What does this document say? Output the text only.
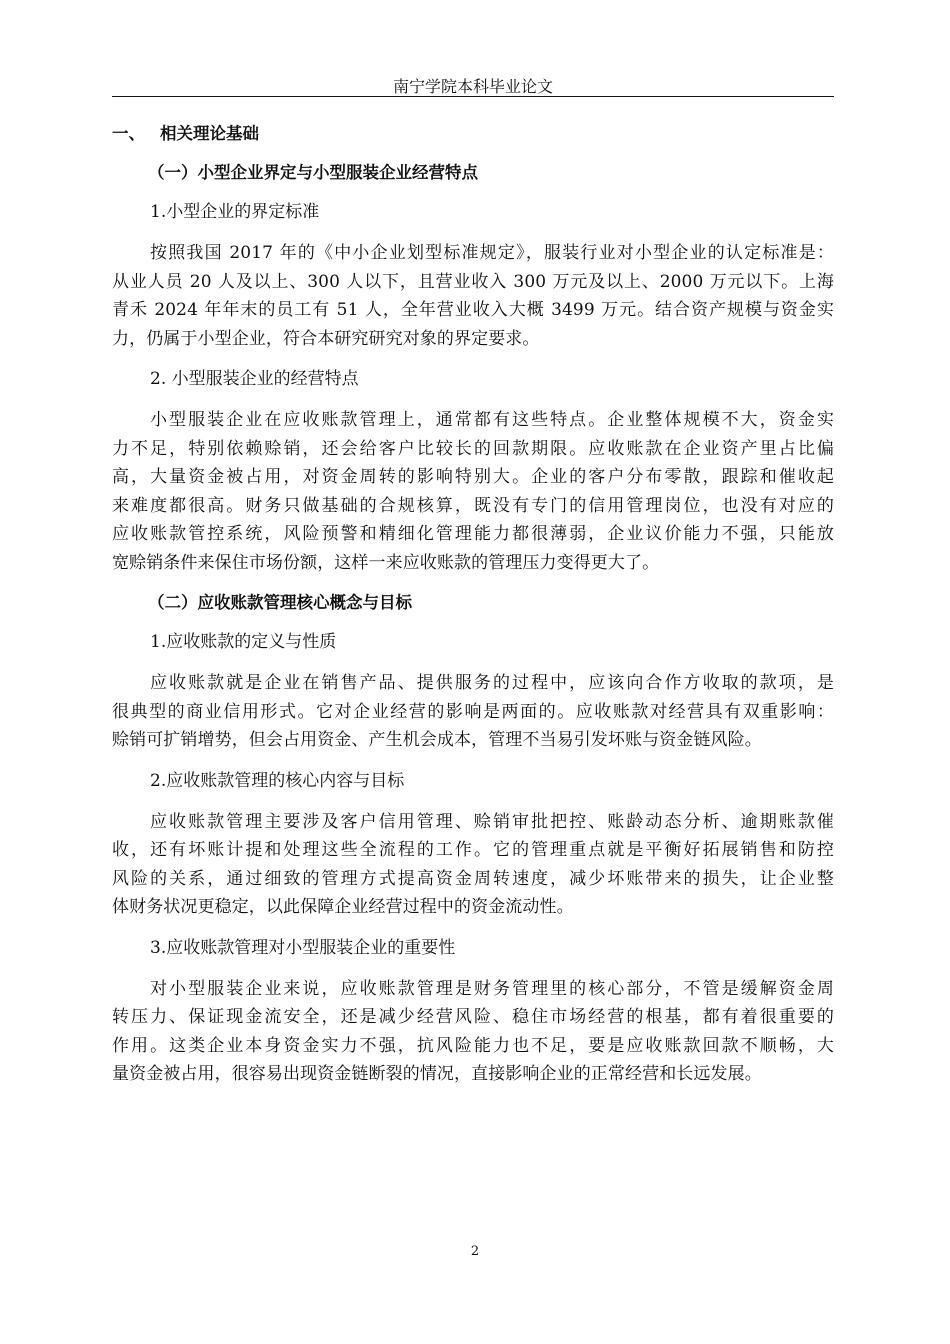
南宁学院本科毕业论文
一、 相关理论基础
（一）小型企业界定与小型服装企业经营特点
1.小型企业的界定标准
按照我国 2017 年的《中小企业划型标准规定》，服装行业对小型企业的认定标准是：
从业人员 20 人及以上、300 人以下，且营业收入 300 万元及以上、2000 万元以下。上海
青禾 2024 年年末的员工有 51 人，全年营业收入大概 3499 万元。结合资产规模与资金实
力，仍属于小型企业，符合本研究研究对象的界定要求。
2. 小型服装企业的经营特点
小型服装企业在应收账款管理上，通常都有这些特点。企业整体规模不大，资金实
力不足，特别依赖赊销，还会给客户比较长的回款期限。应收账款在企业资产里占比偏
高，大量资金被占用，对资金周转的影响特别大。企业的客户分布零散，跟踪和催收起
来难度都很高。财务只做基础的合规核算，既没有专门的信用管理岗位，也没有对应的
应收账款管控系统，风险预警和精细化管理能力都很薄弱，企业议价能力不强，只能放
宽赊销条件来保住市场份额，这样一来应收账款的管理压力变得更大了。
（二）应收账款管理核心概念与目标
1.应收账款的定义与性质
应收账款就是企业在销售产品、提供服务的过程中，应该向合作方收取的款项，是
很典型的商业信用形式。它对企业经营的影响是两面的。应收账款对经营具有双重影响：
赊销可扩销增势，但会占用资金、产生机会成本，管理不当易引发坏账与资金链风险。
2.应收账款管理的核心内容与目标
应收账款管理主要涉及客户信用管理、赊销审批把控、账龄动态分析、逾期账款催
收，还有坏账计提和处理这些全流程的工作。它的管理重点就是平衡好拓展销售和防控
风险的关系，通过细致的管理方式提高资金周转速度，减少坏账带来的损失，让企业整
体财务状况更稳定，以此保障企业经营过程中的资金流动性。
3.应收账款管理对小型服装企业的重要性
对小型服装企业来说，应收账款管理是财务管理里的核心部分，不管是缓解资金周
转压力、保证现金流安全，还是减少经营风险、稳住市场经营的根基，都有着很重要的
作用。这类企业本身资金实力不强，抗风险能力也不足，要是应收账款回款不顺畅，大
量资金被占用，很容易出现资金链断裂的情况，直接影响企业的正常经营和长远发展。
2
